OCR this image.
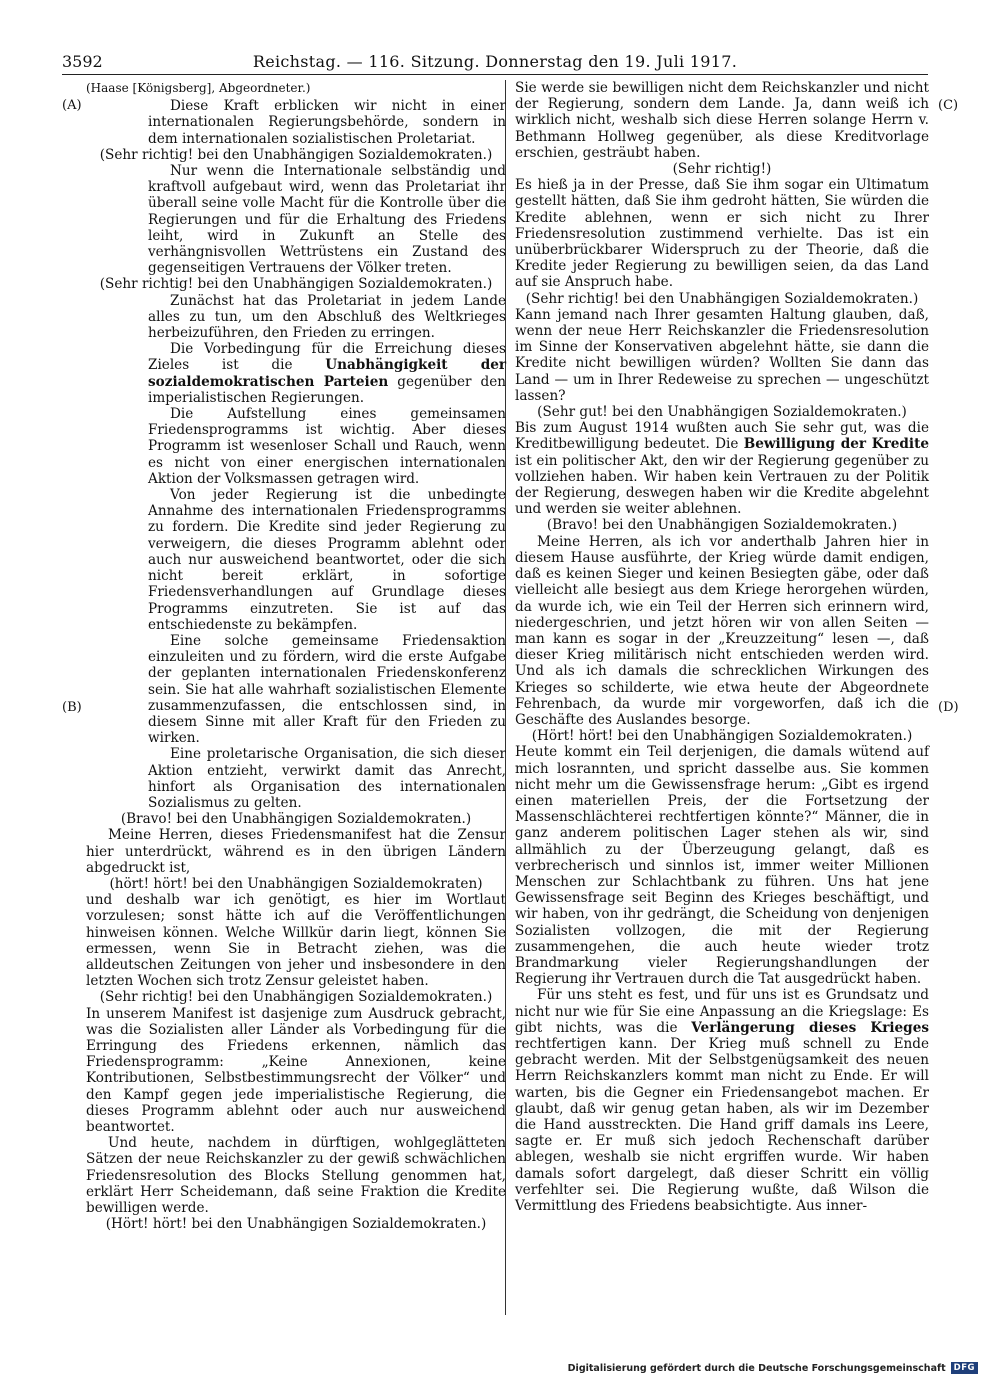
3592	Reichstag. — 116. Sitzung. Donnerstag den 19. Juli 1917.
(A)
(B)
(C)
(D)

(Haase [Königsberg], Abgeordneter.)

Diese Kraft erblicken wir nicht in einer internationalen Regierungsbehörde, sondern in dem internationalen sozialistischen Proletariat.

(Sehr richtig! bei den Unabhängigen Sozialdemokraten.)

Nur wenn die Internationale selbständig und kraftvoll aufgebaut wird, wenn das Proletariat ihr überall seine volle Macht für die Kontrolle über die Regierungen und für die Erhaltung des Friedens leiht, wird in Zukunft an Stelle des verhängnisvollen Wettrüstens ein Zustand des gegenseitigen Vertrauens der Völker treten.

(Sehr richtig! bei den Unabhängigen Sozialdemokraten.)

Zunächst hat das Proletariat in jedem Lande alles zu tun, um den Abschluß des Weltkrieges herbeizuführen, den Frieden zu erringen.

Die Vorbedingung für die Erreichung dieses Zieles ist die Unabhängigkeit der sozialdemokratischen Parteien gegenüber den imperialistischen Regierungen.

Die Aufstellung eines gemeinsamen Friedensprogramms ist wichtig. Aber dieses Programm ist wesenloser Schall und Rauch, wenn es nicht von einer energischen internationalen Aktion der Volksmassen getragen wird.

Von jeder Regierung ist die unbedingte Annahme des internationalen Friedensprogramms zu fordern. Die Kredite sind jeder Regierung zu verweigern, die dieses Programm ablehnt oder auch nur ausweichend beantwortet, oder die sich nicht bereit erklärt, in sofortige Friedensverhandlungen auf Grundlage dieses Programms einzutreten. Sie ist auf das entschiedenste zu bekämpfen.

Eine solche gemeinsame Friedensaktion einzuleiten und zu fördern, wird die erste Aufgabe der geplanten internationalen Friedenskonferenz sein. Sie hat alle wahrhaft sozialistischen Elemente zusammenzufassen, die entschlossen sind, in diesem Sinne mit aller Kraft für den Frieden zu wirken.

Eine proletarische Organisation, die sich dieser Aktion entzieht, verwirkt damit das Anrecht, hinfort als Organisation des internationalen Sozialismus zu gelten.

(Bravo! bei den Unabhängigen Sozialdemokraten.)

Meine Herren, dieses Friedensmanifest hat die Zensur hier unterdrückt, während es in den übrigen Ländern abgedruckt ist,

(hört! hört! bei den Unabhängigen Sozialdemokraten)

und deshalb war ich genötigt, es hier im Wortlaut vorzulesen; sonst hätte ich auf die Veröffentlichungen hinweisen können. Welche Willkür darin liegt, können Sie ermessen, wenn Sie in Betracht ziehen, was die alldeutschen Zeitungen von jeher und insbesondere in den letzten Wochen sich trotz Zensur geleistet haben.

(Sehr richtig! bei den Unabhängigen Sozialdemokraten.)

In unserem Manifest ist dasjenige zum Ausdruck gebracht, was die Sozialisten aller Länder als Vorbedingung für die Erringung des Friedens erkennen, nämlich das Friedensprogramm: „Keine Annexionen, keine Kontributionen, Selbstbestimmungsrecht der Völker“ und den Kampf gegen jede imperialistische Regierung, die dieses Programm ablehnt oder auch nur ausweichend beantwortet.

Und heute, nachdem in dürftigen, wohlgeglätteten Sätzen der neue Reichskanzler zu der gewiß schwächlichen Friedensresolution des Blocks Stellung genommen hat, erklärt Herr Scheidemann, daß seine Fraktion die Kredite bewilligen werde.

(Hört! hört! bei den Unabhängigen Sozialdemokraten.)

Sie werde sie bewilligen nicht dem Reichskanzler und nicht der Regierung, sondern dem Lande. Ja, dann weiß ich wirklich nicht, weshalb sich diese Herren solange Herrn v. Bethmann Hollweg gegenüber, als diese Kreditvorlage erschien, gesträubt haben.

(Sehr richtig!)

Es hieß ja in der Presse, daß Sie ihm sogar ein Ultimatum gestellt hätten, daß Sie ihm gedroht hätten, Sie würden die Kredite ablehnen, wenn er sich nicht zu Ihrer Friedensresolution zustimmend verhielte. Das ist ein unüberbrückbarer Widerspruch zu der Theorie, daß die Kredite jeder Regierung zu bewilligen seien, da das Land auf sie Anspruch habe.

(Sehr richtig! bei den Unabhängigen Sozialdemokraten.)

Kann jemand nach Ihrer gesamten Haltung glauben, daß, wenn der neue Herr Reichskanzler die Friedensresolution im Sinne der Konservativen abgelehnt hätte, sie dann die Kredite nicht bewilligen würden? Wollten Sie dann das Land — um in Ihrer Redeweise zu sprechen — ungeschützt lassen?

(Sehr gut! bei den Unabhängigen Sozialdemokraten.)

Bis zum August 1914 wußten auch Sie sehr gut, was die Kreditbewilligung bedeutet. Die Bewilligung der Kredite ist ein politischer Akt, den wir der Regierung gegenüber zu vollziehen haben. Wir haben kein Vertrauen zu der Politik der Regierung, deswegen haben wir die Kredite abgelehnt und werden sie weiter ablehnen.

(Bravo! bei den Unabhängigen Sozialdemokraten.)

Meine Herren, als ich vor anderthalb Jahren hier in diesem Hause ausführte, der Krieg würde damit endigen, daß es keinen Sieger und keinen Besiegten gäbe, oder daß vielleicht alle besiegt aus dem Kriege herorgehen würden, da wurde ich, wie ein Teil der Herren sich erinnern wird, niedergeschrien, und jetzt hören wir von allen Seiten — man kann es sogar in der „Kreuzzeitung“ lesen —, daß dieser Krieg militärisch nicht entschieden werden wird. Und als ich damals die schrecklichen Wirkungen des Krieges so schilderte, wie etwa heute der Abgeordnete Fehrenbach, da wurde mir vorgeworfen, daß ich die Geschäfte des Auslandes besorge.

(Hört! hört! bei den Unabhängigen Sozialdemokraten.)

Heute kommt ein Teil derjenigen, die damals wütend auf mich losrannten, und spricht dasselbe aus. Sie kommen nicht mehr um die Gewissensfrage herum: „Gibt es irgend einen materiellen Preis, der die Fortsetzung der Massenschlächterei rechtfertigen könnte?“ Männer, die in ganz anderem politischen Lager stehen als wir, sind allmählich zu der Überzeugung gelangt, daß es verbrecherisch und sinnlos ist, immer weiter Millionen Menschen zur Schlachtbank zu führen. Uns hat jene Gewissensfrage seit Beginn des Krieges beschäftigt, und wir haben, von ihr gedrängt, die Scheidung von denjenigen Sozialisten vollzogen, die mit der Regierung zusammengehen, die auch heute wieder trotz Brandmarkung vieler Regierungshandlungen der Regierung ihr Vertrauen durch die Tat ausgedrückt haben.

Für uns steht es fest, und für uns ist es Grundsatz und nicht nur wie für Sie eine Anpassung an die Kriegslage: Es gibt nichts, was die Verlängerung dieses Krieges rechtfertigen kann. Der Krieg muß schnell zu Ende gebracht werden. Mit der Selbstgenügsamkeit des neuen Herrn Reichskanzlers kommt man nicht zu Ende. Er will warten, bis die Gegner ein Friedensangebot machen. Er glaubt, daß wir genug getan haben, als wir im Dezember die Hand ausstreckten. Die Hand griff damals ins Leere, sagte er. Er muß sich jedoch Rechenschaft darüber ablegen, weshalb sie nicht ergriffen wurde. Wir haben damals sofort dargelegt, daß dieser Schritt ein völlig verfehlter sei. Die Regierung wußte, daß Wilson die Vermittlung des Friedens beabsichtigte. Aus inner-

Digitalisierung gefördert durch die Deutsche Forschungsgemeinschaft DFG
